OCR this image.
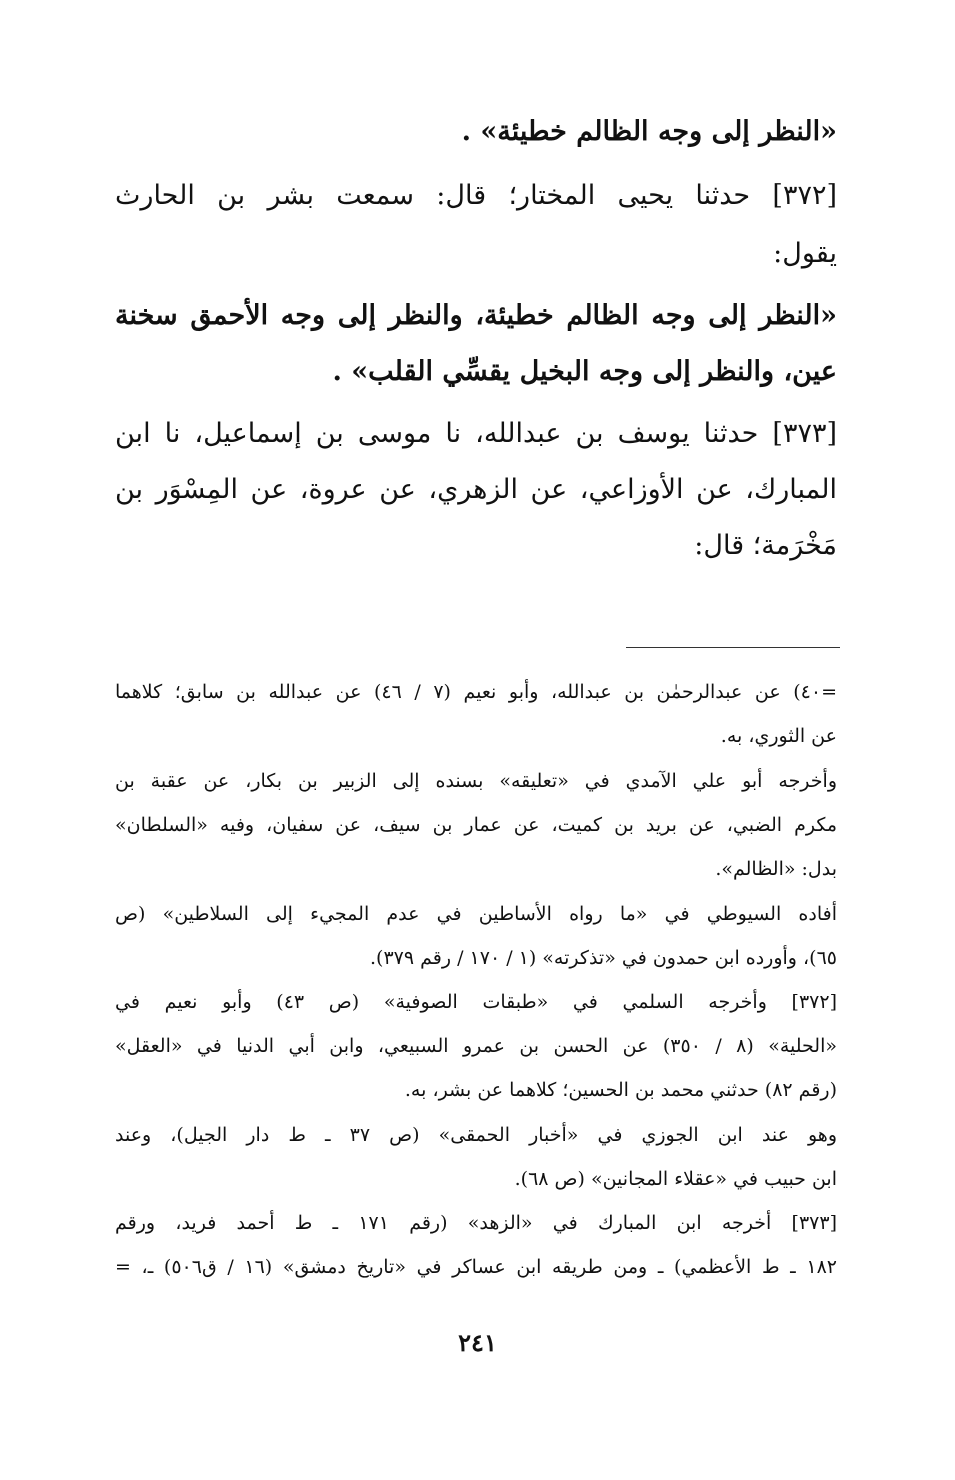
«النظر إلى وجه الظالم خطيئة» .
[٣٧٢] حدثنا يحيى المختار؛ قال: سمعت بشر بن الحارث
يقول:
«النظر إلى وجه الظالم خطيئة، والنظر إلى وجه الأحمق سخنة
عين، والنظر إلى وجه البخيل يقسِّي القلب» .
[٣٧٣] حدثنا يوسف بن عبدالله، نا موسى بن إسماعيل، نا ابن
المبارك، عن الأوزاعي، عن الزهري، عن عروة، عن المِسْوَر بن
مَخْرَمة؛ قال:
=٤٠) عن عبدالرحمٰن بن عبدالله، وأبو نعيم (٧ / ٤٦) عن عبدالله بن سابق؛ كلاهما
عن الثوري، به.
وأخرجه أبو علي الآمدي في «تعليقه» بسنده إلى الزبير بن بكار، عن عقبة بن
مكرم الضبي، عن بريد بن كميت، عن عمار بن سيف، عن سفيان، وفيه «السلطان»
بدل: «الظالم».
أفاده السيوطي في «ما رواه الأساطين في عدم المجيء إلى السلاطين» (ص
٦٥)، وأورده ابن حمدون في «تذكرته» (١ / ١٧٠ / رقم ٣٧٩).
[٣٧٢] وأخرجه السلمي في «طبقات الصوفية» (ص ٤٣) وأبو نعيم في
«الحلية» (٨ / ٣٥٠) عن الحسن بن عمرو السبيعي، وابن أبي الدنيا في «العقل»
(رقم ٨٢) حدثني محمد بن الحسين؛ كلاهما عن بشر، به.
وهو عند ابن الجوزي في «أخبار الحمقى» (ص ٣٧ ـ ط دار الجيل)، وعند
ابن حبيب في «عقلاء المجانين» (ص ٦٨).
[٣٧٣] أخرجه ابن المبارك في «الزهد» (رقم ١٧١ ـ ط أحمد فريد، ورقم
١٨٢ ـ ط الأعظمي) ـ ومن طريقه ابن عساكر في «تاريخ دمشق» (١٦ / ق٥٠٦) ـ، =
٢٤١
